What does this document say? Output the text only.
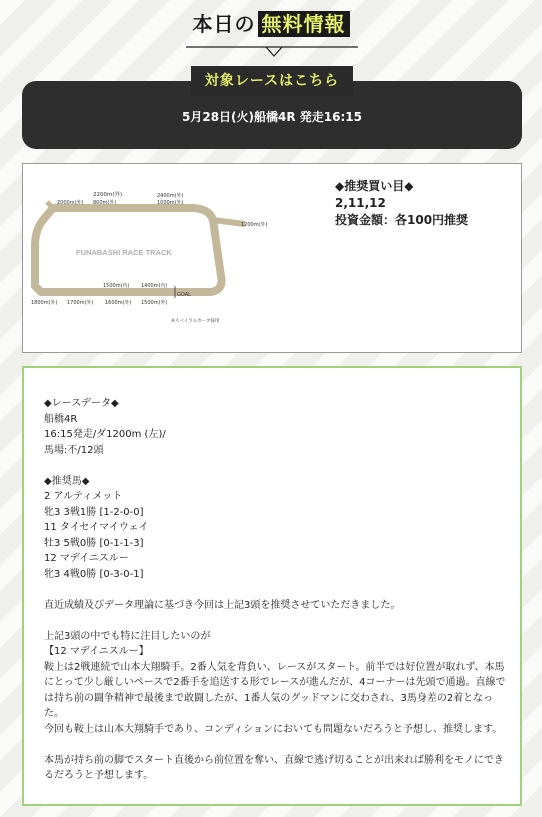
本日の 無料情報
対象レースはこちら
5月28日(火)船橋4R 発走16:15
FUNABASHI RACE TRACK
2200m(外)
2000m(外) 800m(外)
2400m(外)
1000m(外)
1200m(外)
1500m(内) 1400m(内)
1800m(外) 1700m(外) 1600m(外) 1500m(外)
GOAL
※スパイラルカーブ採用
◆推奨買い目◆
2,11,12
投資金額：各100円推奨

◆レースデータ◆

船橋4R

16:15発走/ダ1200m (左)/

馬場:不/12頭

◆推奨馬◆

2 アルティメット

牝3 3戦1勝 [1-2-0-0]

11 タイセイマイウェイ

牡3 5戦0勝 [0-1-1-3]

12 マデイニスルー

牝3 4戦0勝 [0-3-0-1]

直近成績及びデータ理論に基づき今回は上記3頭を推奨させていただきました。

上記3頭の中でも特に注目したいのが

【12 マデイニスルー】

鞍上は2戦連続で山本大翔騎手。2番人気を背負い、レースがスタート。前半では好位置が取れず、本馬にとって少し厳しいペースで2番手を追送する形でレースが進んだが、4コーナーは先頭で通過。直線では持ち前の闘争精神で最後まで敢闘したが、1番人気のグッドマンに交わされ、3馬身差の2着となった。

今回も鞍上は山本大翔騎手であり、コンディションにおいても問題ないだろうと予想し、推奨します。

本馬が持ち前の脚でスタート直後から前位置を奪い、直線で逃げ切ることが出来れば勝利をモノにできるだろうと予想します。
